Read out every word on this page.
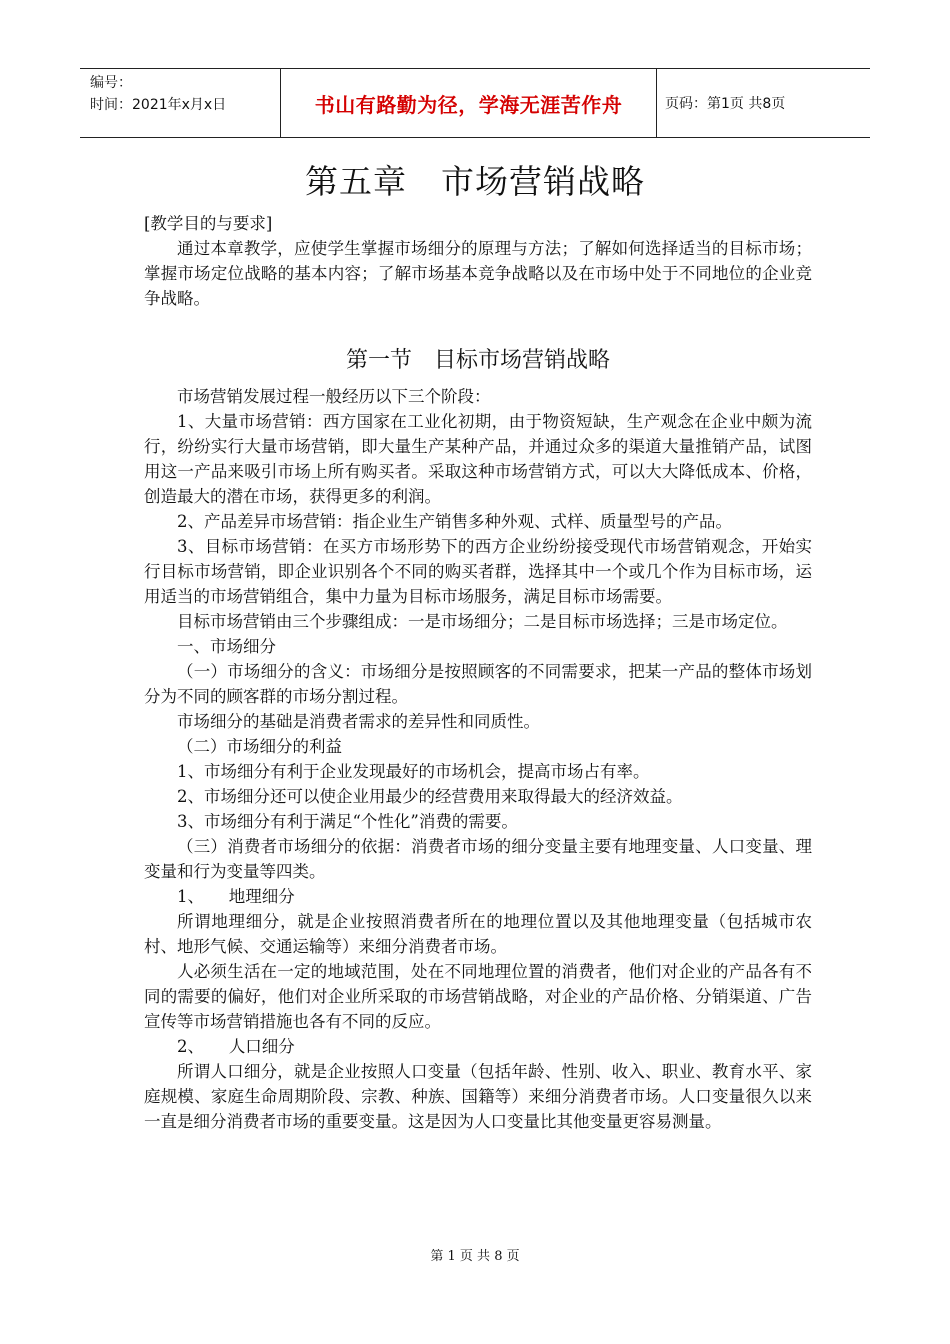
编号：
时间：2021年x月x日	书山有路勤为径，学海无涯苦作舟	页码：第1页 共8页
第五章　市场营销战略

[教学目的与要求]

通过本章教学，应使学生掌握市场细分的原理与方法；了解如何选择适当的目标市场；掌握市场定位战略的基本内容；了解市场基本竞争战略以及在市场中处于不同地位的企业竞争战略。

第一节　目标市场营销战略

市场营销发展过程一般经历以下三个阶段：

1、大量市场营销：西方国家在工业化初期，由于物资短缺，生产观念在企业中颇为流行，纷纷实行大量市场营销，即大量生产某种产品，并通过众多的渠道大量推销产品，试图用这一产品来吸引市场上所有购买者。采取这种市场营销方式，可以大大降低成本、价格，创造最大的潜在市场，获得更多的利润。

2、产品差异市场营销：指企业生产销售多种外观、式样、质量型号的产品。

3、目标市场营销：在买方市场形势下的西方企业纷纷接受现代市场营销观念，开始实行目标市场营销，即企业识别各个不同的购买者群，选择其中一个或几个作为目标市场，运用适当的市场营销组合，集中力量为目标市场服务，满足目标市场需要。

目标市场营销由三个步骤组成：一是市场细分；二是目标市场选择；三是市场定位。

一、市场细分

（一）市场细分的含义：市场细分是按照顾客的不同需要求，把某一产品的整体市场划分为不同的顾客群的市场分割过程。

市场细分的基础是消费者需求的差异性和同质性。

（二）市场细分的利益

1、市场细分有利于企业发现最好的市场机会，提高市场占有率。

2、市场细分还可以使企业用最少的经营费用来取得最大的经济效益。

3、市场细分有利于满足“个性化”消费的需要。

（三）消费者市场细分的依据：消费者市场的细分变量主要有地理变量、人口变量、理变量和行为变量等四类。

1、　　地理细分

所谓地理细分，就是企业按照消费者所在的地理位置以及其他地理变量（包括城市农村、地形气候、交通运输等）来细分消费者市场。

人必须生活在一定的地域范围，处在不同地理位置的消费者，他们对企业的产品各有不同的需要的偏好，他们对企业所采取的市场营销战略，对企业的产品价格、分销渠道、广告宣传等市场营销措施也各有不同的反应。

2、　　人口细分

所谓人口细分，就是企业按照人口变量（包括年龄、性别、收入、职业、教育水平、家庭规模、家庭生命周期阶段、宗教、种族、国籍等）来细分消费者市场。人口变量很久以来一直是细分消费者市场的重要变量。这是因为人口变量比其他变量更容易测量。

第 1 页 共 8 页
